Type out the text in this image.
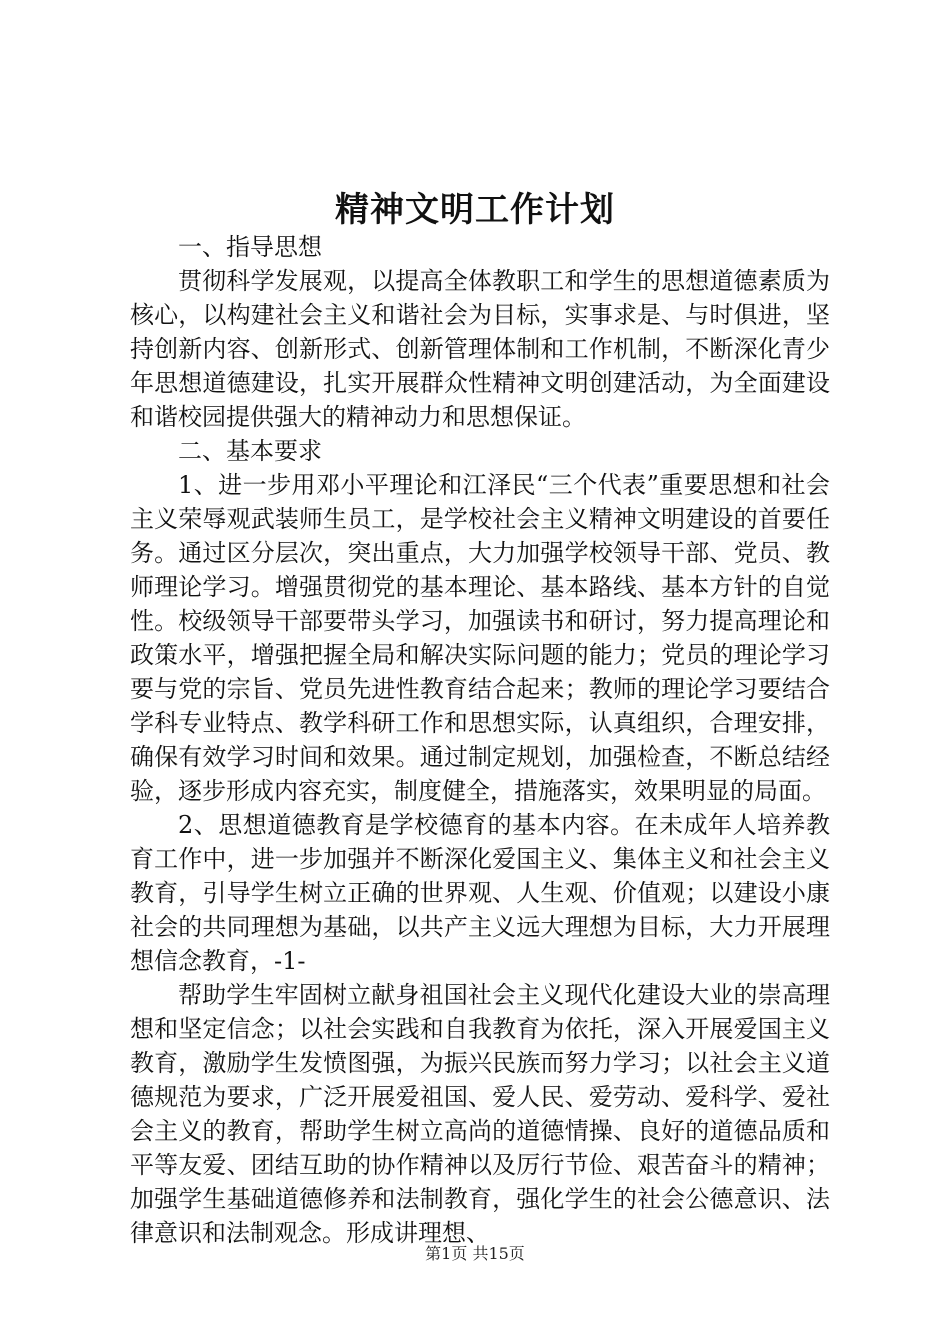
精神文明工作计划

一、指导思想

贯彻科学发展观，以提高全体教职工和学生的思想道德素质为核心，以构建社会主义和谐社会为目标，实事求是、与时俱进，坚持创新内容、创新形式、创新管理体制和工作机制，不断深化青少年思想道德建设，扎实开展群众性精神文明创建活动，为全面建设和谐校园提供强大的精神动力和思想保证。

二、基本要求

1、进一步用邓小平理论和江泽民“三个代表”重要思想和社会主义荣辱观武装师生员工，是学校社会主义精神文明建设的首要任务。通过区分层次，突出重点，大力加强学校领导干部、党员、教师理论学习。增强贯彻党的基本理论、基本路线、基本方针的自觉性。校级领导干部要带头学习，加强读书和研讨，努力提高理论和政策水平，增强把握全局和解决实际问题的能力；党员的理论学习要与党的宗旨、党员先进性教育结合起来；教师的理论学习要结合学科专业特点、教学科研工作和思想实际，认真组织，合理安排，确保有效学习时间和效果。通过制定规划，加强检查，不断总结经验，逐步形成内容充实，制度健全，措施落实，效果明显的局面。

2、思想道德教育是学校德育的基本内容。在未成年人培养教育工作中，进一步加强并不断深化爱国主义、集体主义和社会主义教育，引导学生树立正确的世界观、人生观、价值观；以建设小康社会的共同理想为基础，以共产主义远大理想为目标，大力开展理想信念教育，-1-

帮助学生牢固树立献身祖国社会主义现代化建设大业的崇高理想和坚定信念；以社会实践和自我教育为依托，深入开展爱国主义教育，激励学生发愤图强，为振兴民族而努力学习；以社会主义道德规范为要求，广泛开展爱祖国、爱人民、爱劳动、爱科学、爱社会主义的教育，帮助学生树立高尚的道德情操、良好的道德品质和平等友爱、团结互助的协作精神以及厉行节俭、艰苦奋斗的精神；加强学生基础道德修养和法制教育，强化学生的社会公德意识、法律意识和法制观念。形成讲理想、

第1页 共15页
